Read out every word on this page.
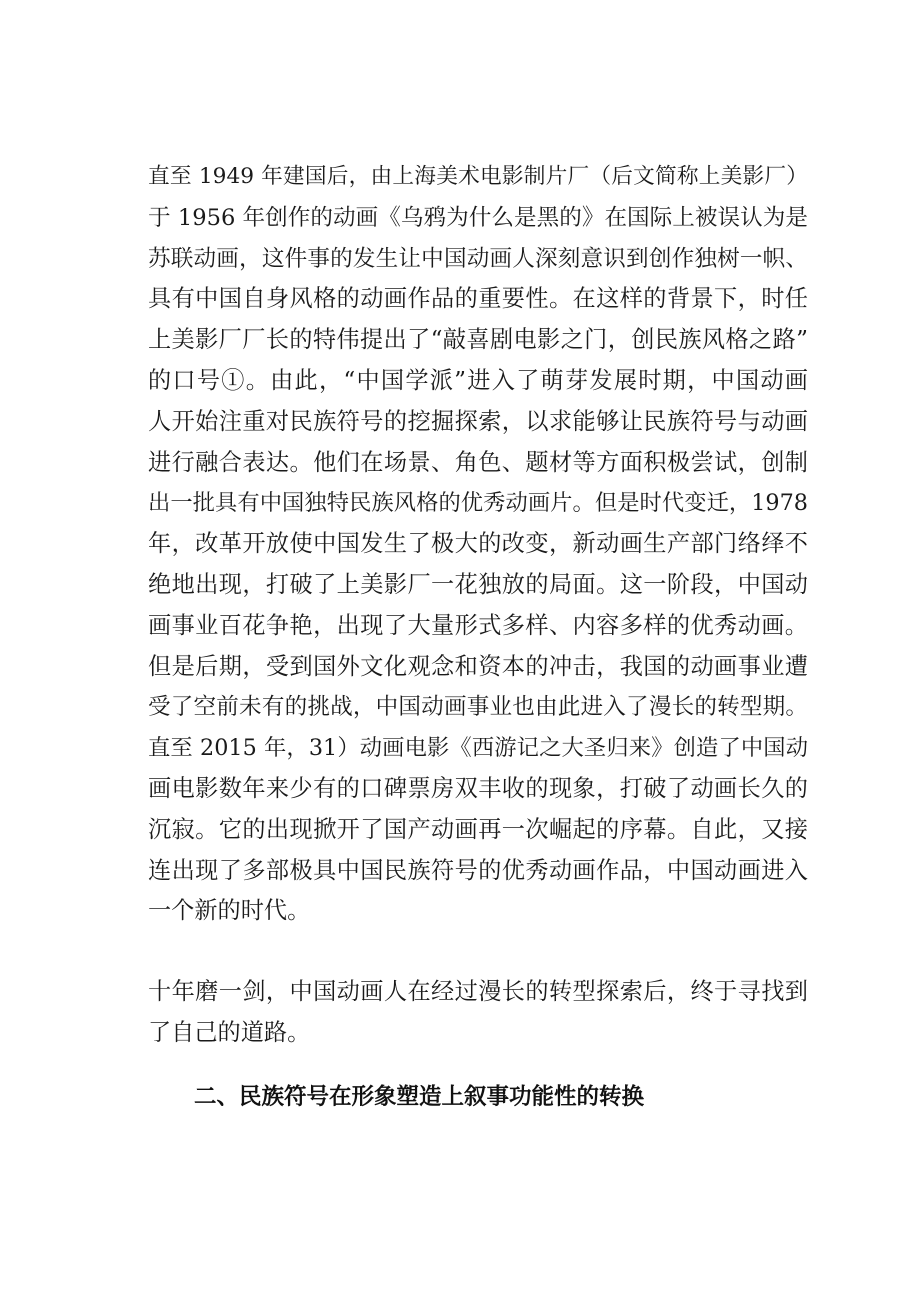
直至 1949 年建国后，由上海美术电影制片厂（后文简称上美影厂）
于 1956 年创作的动画《乌鸦为什么是黑的》在国际上被误认为是
苏联动画，这件事的发生让中国动画人深刻意识到创作独树一帜、
具有中国自身风格的动画作品的重要性。在这样的背景下，时任
上美影厂厂长的特伟提出了“敲喜剧电影之门，创民族风格之路”
的口号①。由此，“中国学派”进入了萌芽发展时期，中国动画
人开始注重对民族符号的挖掘探索，以求能够让民族符号与动画
进行融合表达。他们在场景、角色、题材等方面积极尝试，创制
出一批具有中国独特民族风格的优秀动画片。但是时代变迁，1978
年，改革开放使中国发生了极大的改变，新动画生产部门络绎不
绝地出现，打破了上美影厂一花独放的局面。这一阶段，中国动
画事业百花争艳，出现了大量形式多样、内容多样的优秀动画。
但是后期，受到国外文化观念和资本的冲击，我国的动画事业遭
受了空前未有的挑战，中国动画事业也由此进入了漫长的转型期。
直至 2015 年，31）动画电影《西游记之大圣归来》创造了中国动
画电影数年来少有的口碑票房双丰收的现象，打破了动画长久的
沉寂。它的出现掀开了国产动画再一次崛起的序幕。自此，又接
连出现了多部极具中国民族符号的优秀动画作品，中国动画进入
一个新的时代。
十年磨一剑，中国动画人在经过漫长的转型探索后，终于寻找到
了自己的道路。
二、民族符号在形象塑造上叙事功能性的转换
